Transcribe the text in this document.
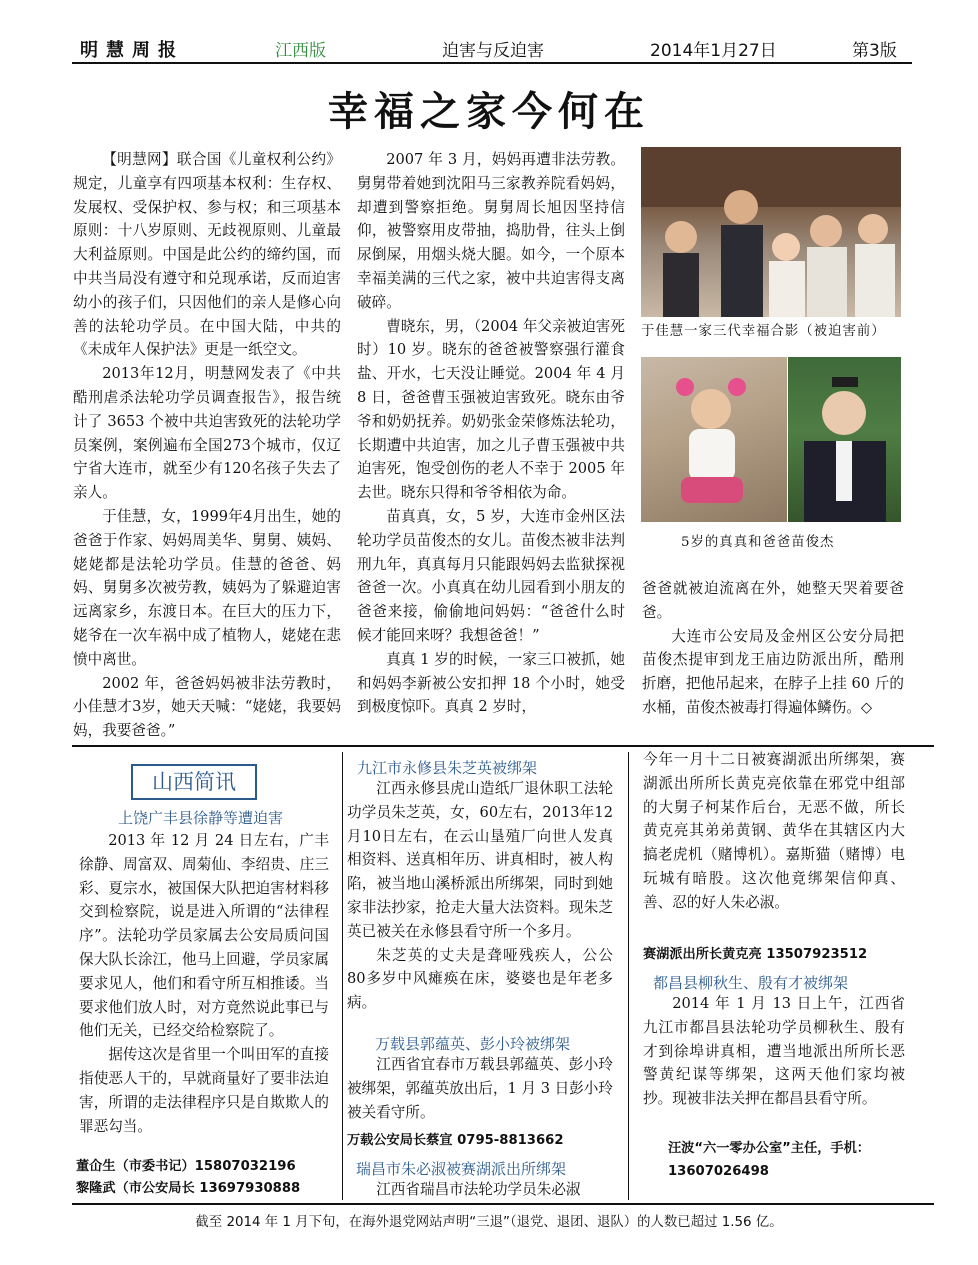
明慧周报	江西版	迫害与反迫害	2014年1月27日	第3版
幸福之家今何在

【明慧网】联合国《儿童权利公约》规定，儿童享有四项基本权利：生存权、发展权、受保护权、参与权；和三项基本原则：十八岁原则、无歧视原则、儿童最大利益原则。中国是此公约的缔约国，而中共当局没有遵守和兑现承诺，反而迫害幼小的孩子们，只因他们的亲人是修心向善的法轮功学员。在中国大陆，中共的《未成年人保护法》更是一纸空文。

2013年12月，明慧网发表了《中共酷刑虐杀法轮功学员调查报告》，报告统计了 3653 个被中共迫害致死的法轮功学员案例，案例遍布全国273个城市，仅辽宁省大连市，就至少有120名孩子失去了亲人。

于佳慧，女，1999年4月出生，她的爸爸于作家、妈妈周美华、舅舅、姨妈、姥姥都是法轮功学员。佳慧的爸爸、妈妈、舅舅多次被劳教，姨妈为了躲避迫害远离家乡，东渡日本。在巨大的压力下，姥爷在一次车祸中成了植物人，姥姥在悲愤中离世。

2002 年，爸爸妈妈被非法劳教时，小佳慧才3岁，她天天喊：“姥姥，我要妈妈，我要爸爸。”

2007 年 3 月，妈妈再遭非法劳教。舅舅带着她到沈阳马三家教养院看妈妈，却遭到警察拒绝。舅舅周长旭因坚持信仰，被警察用皮带抽，捣肋骨，往头上倒尿倒屎，用烟头烧大腿。如今，一个原本幸福美满的三代之家，被中共迫害得支离破碎。

曹晓东，男，（2004 年父亲被迫害死时）10 岁。晓东的爸爸被警察强行灌食盐、开水，七天没让睡觉。2004 年 4 月 8 日，爸爸曹玉强被迫害致死。晓东由爷爷和奶奶抚养。奶奶张金荣修炼法轮功，长期遭中共迫害，加之儿子曹玉强被中共迫害死，饱受创伤的老人不幸于 2005 年去世。晓东只得和爷爷相依为命。

苗真真，女，5 岁，大连市金州区法轮功学员苗俊杰的女儿。苗俊杰被非法判刑九年，真真每月只能跟妈妈去监狱探视爸爸一次。小真真在幼儿园看到小朋友的爸爸来接，偷偷地问妈妈：“爸爸什么时候才能回来呀？我想爸爸！”

真真 1 岁的时候，一家三口被抓，她和妈妈李新被公安扣押 18 个小时，她受到极度惊吓。真真 2 岁时，

于佳慧一家三代幸福合影（被迫害前）
5岁的真真和爸爸苗俊杰

爸爸就被迫流离在外，她整天哭着要爸爸。

大连市公安局及金州区公安分局把苗俊杰提审到龙王庙边防派出所，酷刑折磨，把他吊起来，在脖子上挂 60 斤的水桶，苗俊杰被毒打得遍体鳞伤。◇

山西简讯
上饶广丰县徐静等遭迫害

2013 年 12 月 24 日左右，广丰徐静、周富双、周菊仙、李绍贵、庄三彩、夏宗水，被国保大队把迫害材料移交到检察院，说是进入所谓的“法律程序”。法轮功学员家属去公安局质问国保大队长涂江，他马上回避，学员家属要求见人，他们和看守所互相推诿。当要求他们放人时，对方竟然说此事已与他们无关，已经交给检察院了。

据传这次是省里一个叫田军的直接指使恶人干的，早就商量好了要非法迫害，所谓的走法律程序只是自欺欺人的罪恶勾当。

董仚生（市委书记）15807032196
黎隆武（市公安局长 13697930888
九江市永修县朱芝英被绑架

江西永修县虎山造纸厂退休职工法轮功学员朱芝英，女，60左右，2013年12月10日左右，在云山垦殖厂向世人发真相资料、送真相年历、讲真相时，被人构陷，被当地山溪桥派出所绑架，同时到她家非法抄家，抢走大量大法资料。现朱芝英已被关在永修县看守所一个多月。

朱芝英的丈夫是聋哑残疾人，公公80多岁中风瘫痪在床，婆婆也是年老多病。

万载县郭蕴英、彭小玲被绑架

江西省宜春市万载县郭蕴英、彭小玲被绑架，郭蕴英放出后，1 月 3 日彭小玲被关看守所。

万载公安局长蔡宣 0795-8813662
瑞昌市朱必淑被赛湖派出所绑架

江西省瑞昌市法轮功学员朱必淑

今年一月十二日被赛湖派出所绑架，赛湖派出所所长黄克亮依靠在邪党中组部的大舅子柯某作后台，无恶不做，所长黄克亮其弟弟黄钢、黄华在其辖区内大搞老虎机（赌博机）。嘉斯猫（赌博）电玩城有暗股。这次他竟绑架信仰真、善、忍的好人朱必淑。

赛湖派出所长黄克亮 13507923512
都昌县柳秋生、殷有才被绑架

2014 年 1 月 13 日上午，江西省九江市都昌县法轮功学员柳秋生、殷有才到徐埠讲真相，遭当地派出所所长恶警黄纪谋等绑架，这两天他们家均被抄。现被非法关押在都昌县看守所。

汪波“六一零办公室”主任，手机：13607026498
截至 2014 年 1 月下旬，在海外退党网站声明“三退”（退党、退团、退队）的人数已超过 1.56 亿。
